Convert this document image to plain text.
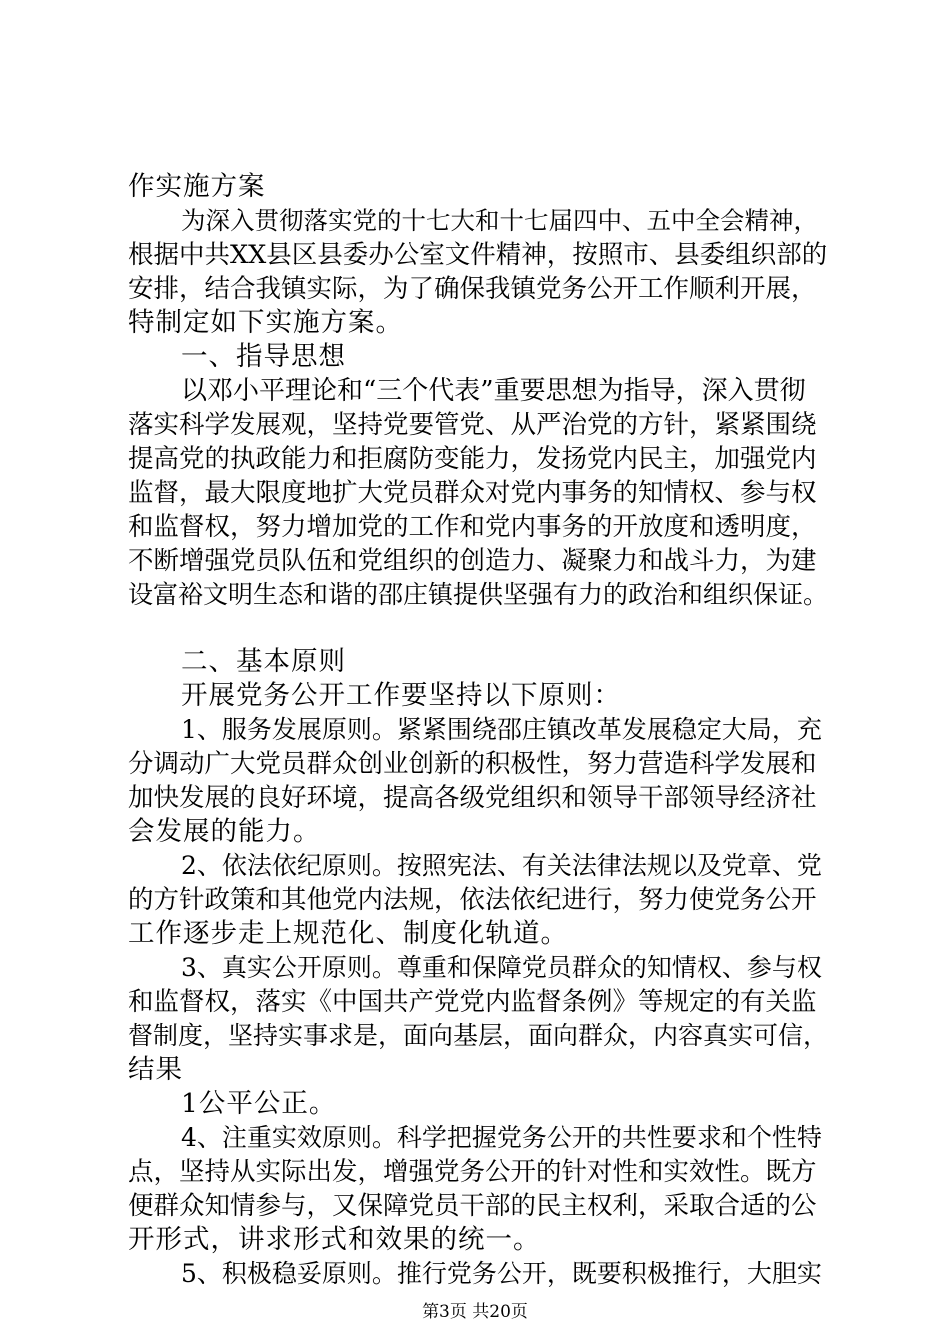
作实施方案
为深入贯彻落实党的十七大和十七届四中、五中全会精神，
根据中共XX县区县委办公室文件精神，按照市、县委组织部的
安排，结合我镇实际，为了确保我镇党务公开工作顺利开展，
特制定如下实施方案。
一、指导思想
以邓小平理论和“三个代表”重要思想为指导，深入贯彻
落实科学发展观，坚持党要管党、从严治党的方针，紧紧围绕
提高党的执政能力和拒腐防变能力，发扬党内民主，加强党内
监督，最大限度地扩大党员群众对党内事务的知情权、参与权
和监督权，努力增加党的工作和党内事务的开放度和透明度，
不断增强党员队伍和党组织的创造力、凝聚力和战斗力，为建
设富裕文明生态和谐的邵庄镇提供坚强有力的政治和组织保证。
二、基本原则
开展党务公开工作要坚持以下原则：
1、服务发展原则。紧紧围绕邵庄镇改革发展稳定大局，充
分调动广大党员群众创业创新的积极性，努力营造科学发展和
加快发展的良好环境，提高各级党组织和领导干部领导经济社
会发展的能力。
2、依法依纪原则。按照宪法、有关法律法规以及党章、党
的方针政策和其他党内法规，依法依纪进行，努力使党务公开
工作逐步走上规范化、制度化轨道。
3、真实公开原则。尊重和保障党员群众的知情权、参与权
和监督权，落实《中国共产党党内监督条例》等规定的有关监
督制度，坚持实事求是，面向基层，面向群众，内容真实可信，
结果
1公平公正。
4、注重实效原则。科学把握党务公开的共性要求和个性特
点，坚持从实际出发，增强党务公开的针对性和实效性。既方
便群众知情参与，又保障党员干部的民主权利，采取合适的公
开形式，讲求形式和效果的统一。
5、积极稳妥原则。推行党务公开，既要积极推行，大胆实
第3页 共20页
